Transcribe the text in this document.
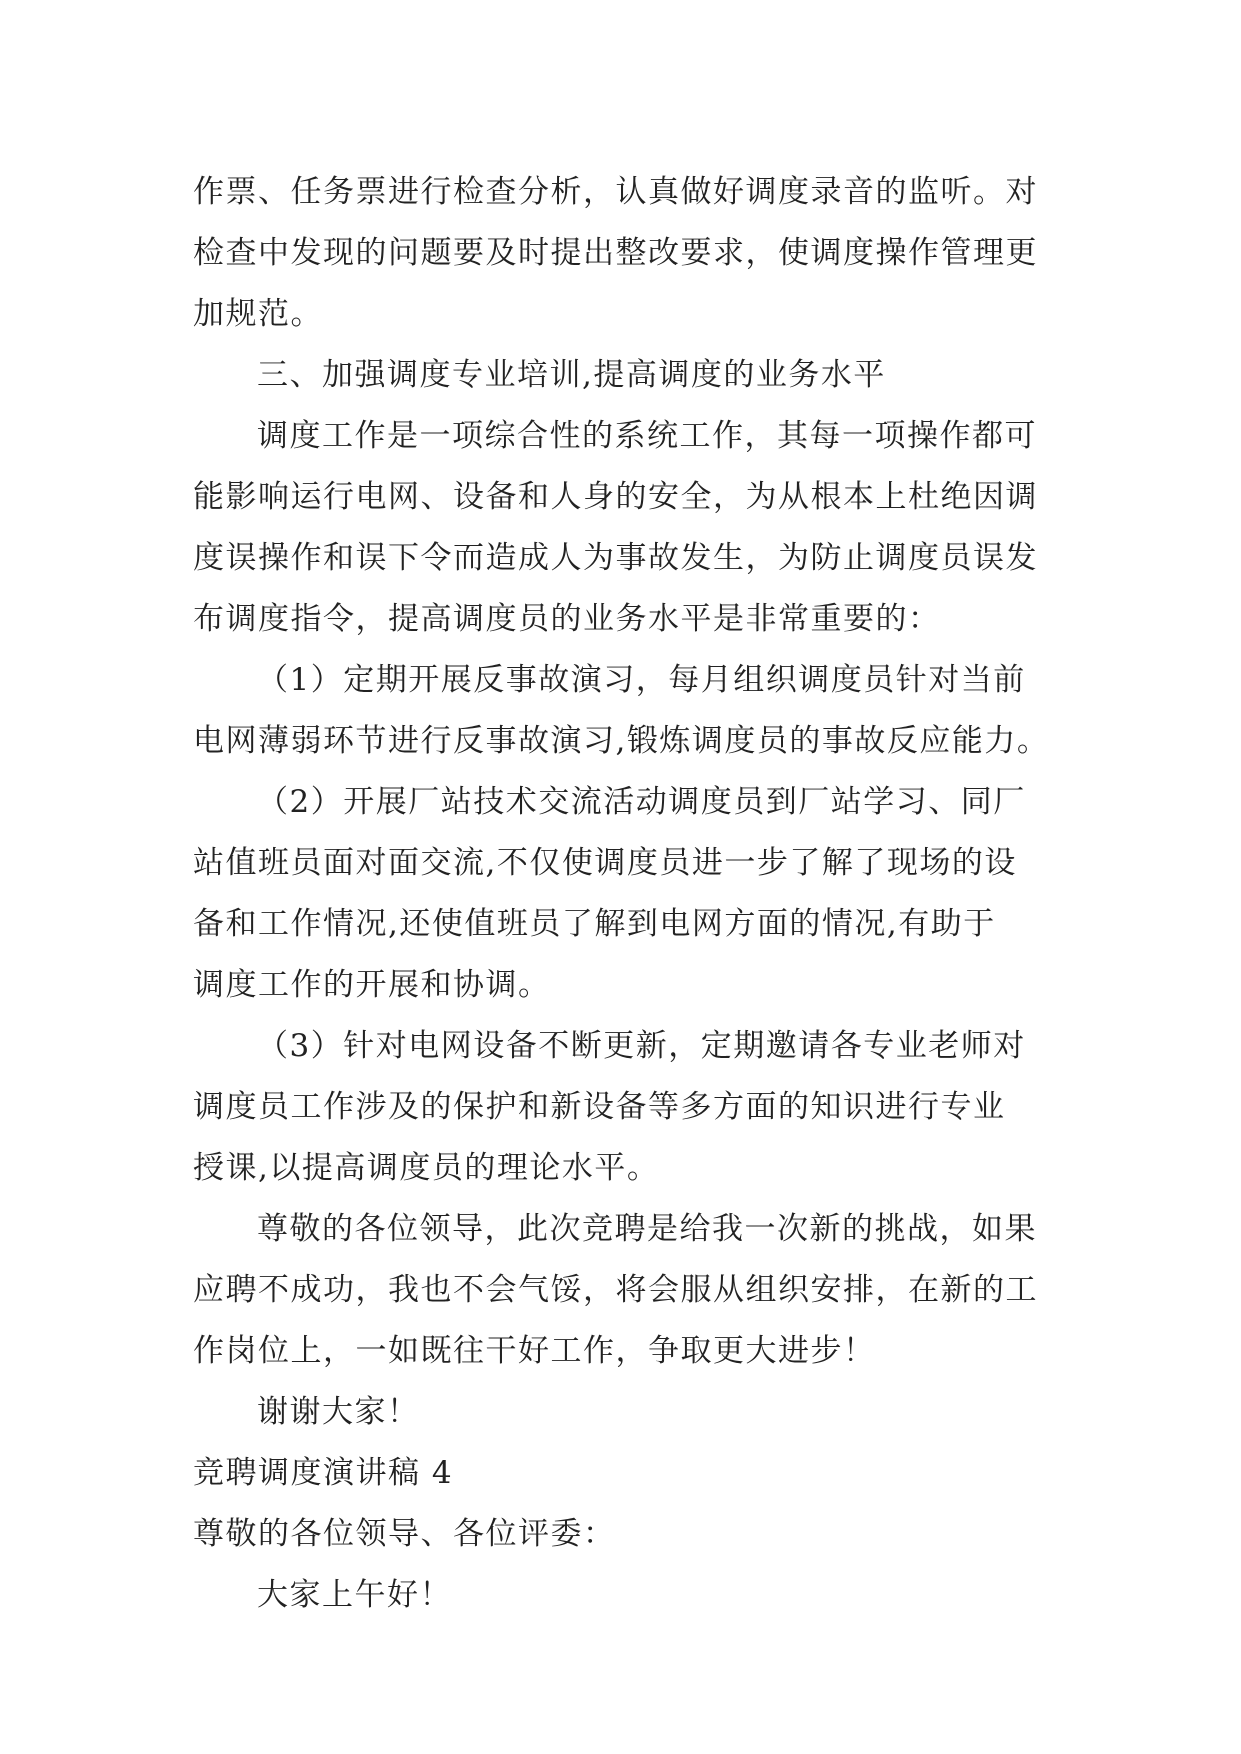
作票、任务票进行检查分析，认真做好调度录音的监听。对
检查中发现的问题要及时提出整改要求，使调度操作管理更
加规范。
三、加强调度专业培训,提高调度的业务水平
调度工作是一项综合性的系统工作，其每一项操作都可
能影响运行电网、设备和人身的安全，为从根本上杜绝因调
度误操作和误下令而造成人为事故发生，为防止调度员误发
布调度指令，提高调度员的业务水平是非常重要的：
（1）定期开展反事故演习，每月组织调度员针对当前
电网薄弱环节进行反事故演习,锻炼调度员的事故反应能力。
（2）开展厂站技术交流活动调度员到厂站学习、同厂
站值班员面对面交流,不仅使调度员进一步了解了现场的设
备和工作情况,还使值班员了解到电网方面的情况,有助于
调度工作的开展和协调。
（3）针对电网设备不断更新，定期邀请各专业老师对
调度员工作涉及的保护和新设备等多方面的知识进行专业
授课,以提高调度员的理论水平。
尊敬的各位领导，此次竞聘是给我一次新的挑战，如果
应聘不成功，我也不会气馁，将会服从组织安排，在新的工
作岗位上，一如既往干好工作，争取更大进步！
谢谢大家！
竞聘调度演讲稿 4
尊敬的各位领导、各位评委：
大家上午好！
